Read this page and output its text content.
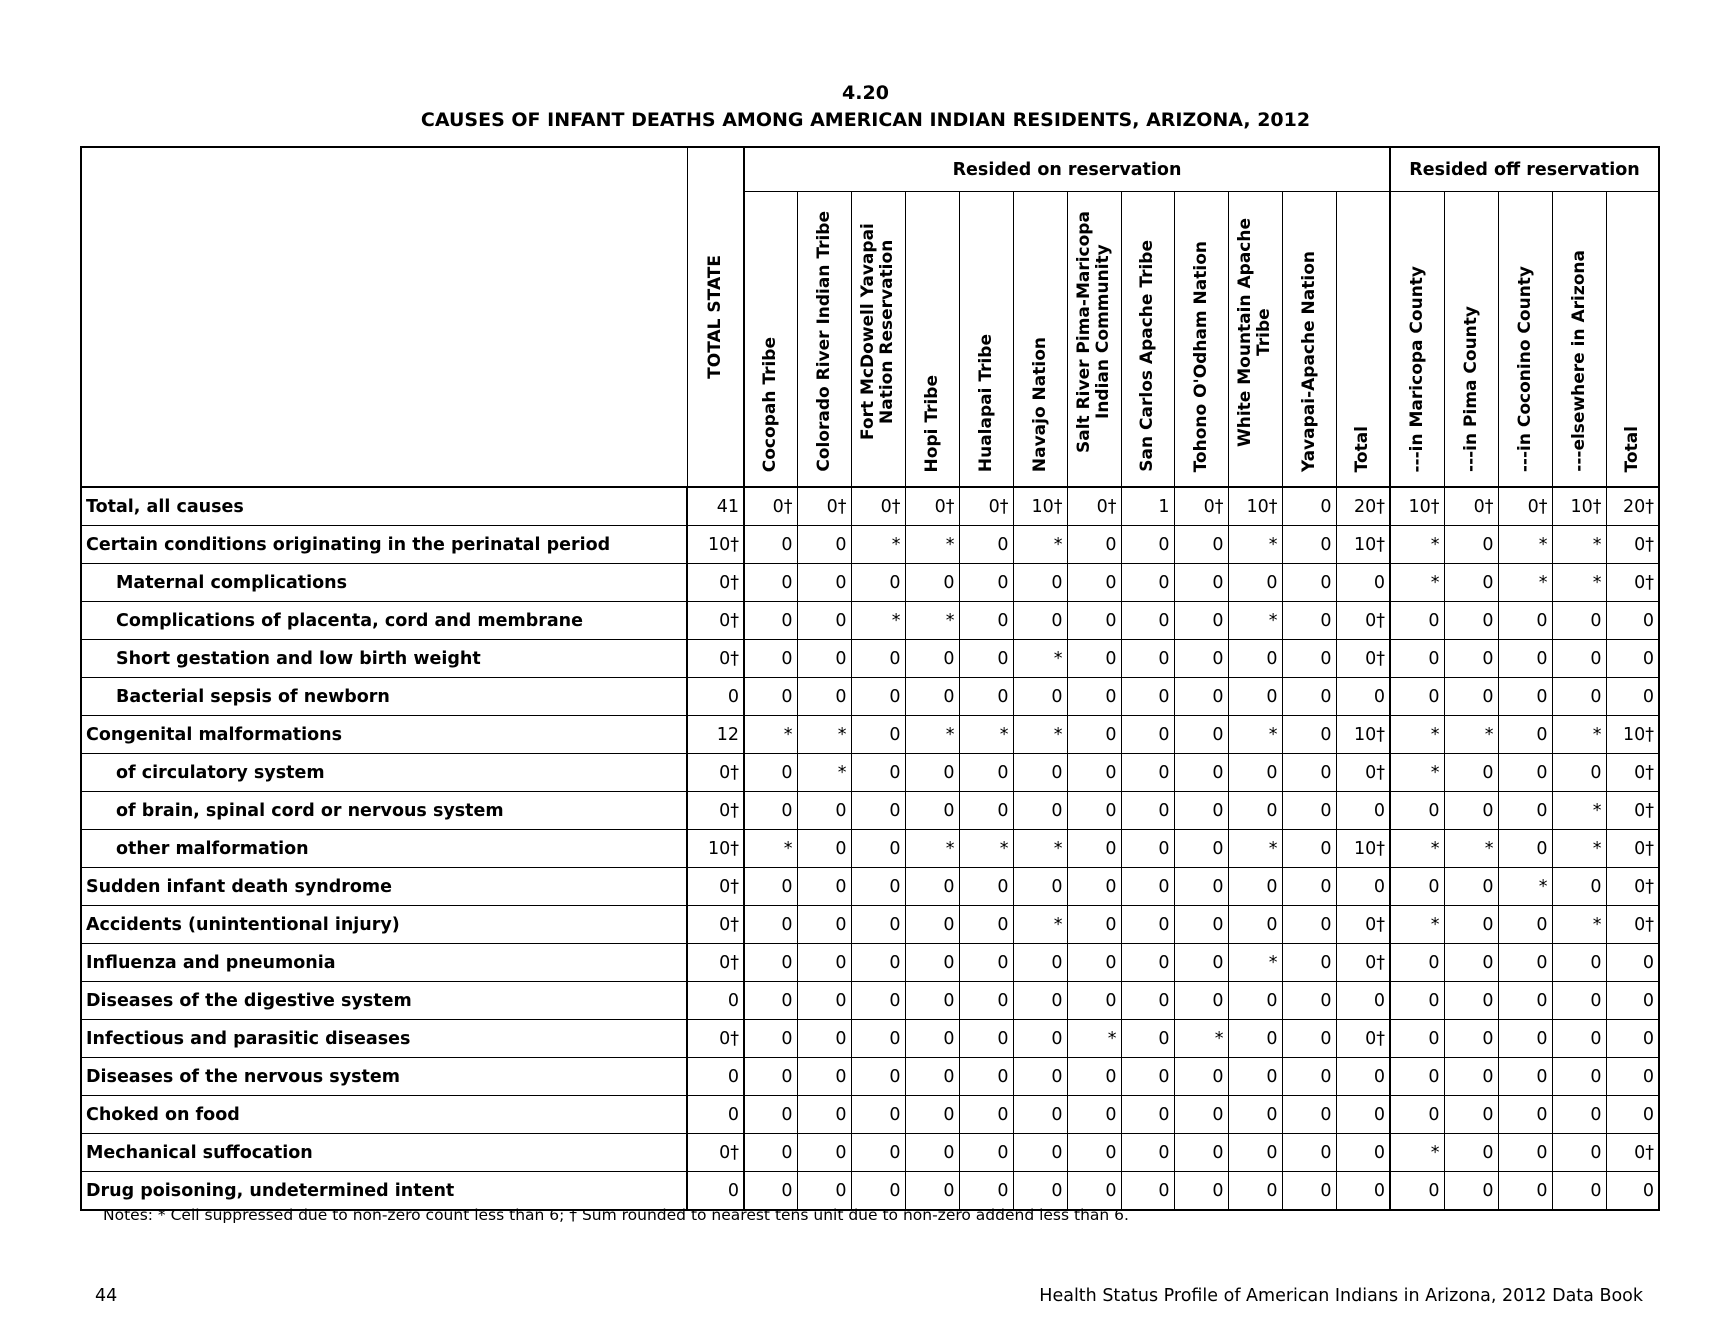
4.20
CAUSES OF INFANT DEATHS AMONG AMERICAN INDIAN RESIDENTS, ARIZONA, 2012

	TOTAL STATE	Resided on reservation												Resided off reservation				

		Cocopah Tribe	Colorado River Indian Tribe	Fort McDowell Yavapai Nation Reservation	Hopi Tribe	Hualapai Tribe	Navajo Nation	Salt River Pima-Maricopa Indian Community	San Carlos Apache Tribe	Tohono O'Odham Nation	White Mountain Apache Tribe	Yavapai-Apache Nation	Total	---in Maricopa County	---in Pima County	---in Coconino County	---elsewhere in Arizona	Total

Total, all causes	41	0†	0†	0†	0†	0†	10†	0†	1	0†	10†	0	20†	10†	0†	0†	10†	20†
Certain conditions originating in the perinatal period	10†	0	0	*	*	0	*	0	0	0	*	0	10†	*	0	*	*	0†
Maternal complications	0†	0	0	0	0	0	0	0	0	0	0	0	0	*	0	*	*	0†
Complications of placenta, cord and membrane	0†	0	0	*	*	0	0	0	0	0	*	0	0†	0	0	0	0	0
Short gestation and low birth weight	0†	0	0	0	0	0	*	0	0	0	0	0	0†	0	0	0	0	0
Bacterial sepsis of newborn	0	0	0	0	0	0	0	0	0	0	0	0	0	0	0	0	0	0
Congenital malformations	12	*	*	0	*	*	*	0	0	0	*	0	10†	*	*	0	*	10†
of circulatory system	0†	0	*	0	0	0	0	0	0	0	0	0	0†	*	0	0	0	0†
of brain, spinal cord or nervous system	0†	0	0	0	0	0	0	0	0	0	0	0	0	0	0	0	*	0†
other malformation	10†	*	0	0	*	*	*	0	0	0	*	0	10†	*	*	0	*	0†
Sudden infant death syndrome	0†	0	0	0	0	0	0	0	0	0	0	0	0	0	0	*	0	0†
Accidents (unintentional injury)	0†	0	0	0	0	0	*	0	0	0	0	0	0†	*	0	0	*	0†
Influenza and pneumonia	0†	0	0	0	0	0	0	0	0	0	*	0	0†	0	0	0	0	0
Diseases of the digestive system	0	0	0	0	0	0	0	0	0	0	0	0	0	0	0	0	0	0
Infectious and parasitic diseases	0†	0	0	0	0	0	0	*	0	*	0	0	0†	0	0	0	0	0
Diseases of the nervous system	0	0	0	0	0	0	0	0	0	0	0	0	0	0	0	0	0	0
Choked on food	0	0	0	0	0	0	0	0	0	0	0	0	0	0	0	0	0	0
Mechanical suffocation	0†	0	0	0	0	0	0	0	0	0	0	0	0	*	0	0	0	0†
Drug poisoning, undetermined intent	0	0	0	0	0	0	0	0	0	0	0	0	0	0	0	0	0	0
Notes: * Cell suppressed due to non-zero count less than 6; † Sum rounded to nearest tens unit due to non-zero addend less than 6.
44	Health Status Profile of American Indians in Arizona, 2012 Data Book
